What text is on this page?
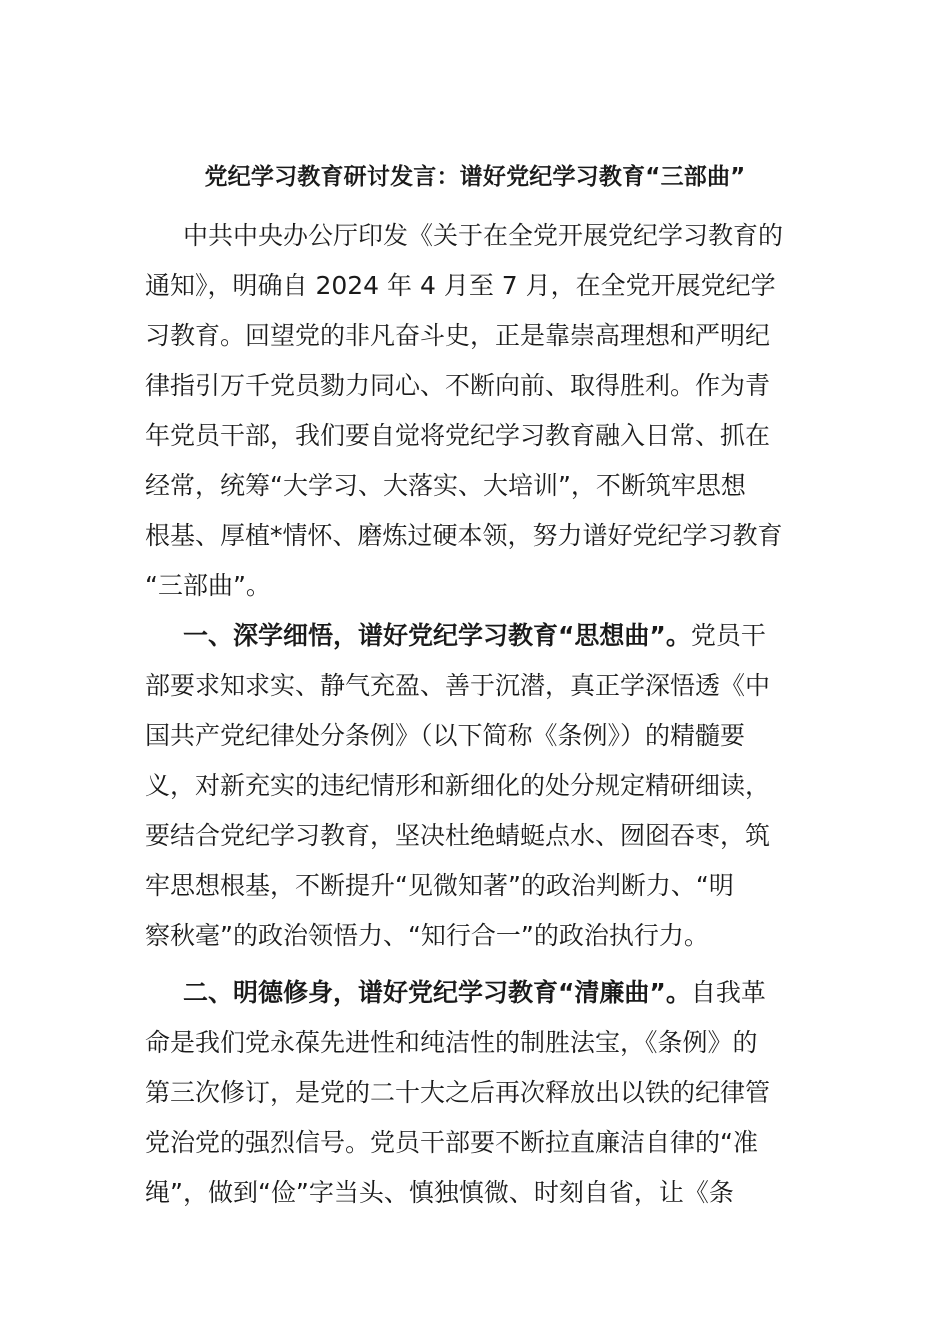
党纪学习教育研讨发言：谱好党纪学习教育“三部曲”
中共中央办公厅印发《关于在全党开展党纪学习教育的
通知》，明确自 2024 年 4 月至 7 月，在全党开展党纪学
习教育。回望党的非凡奋斗史，正是靠崇高理想和严明纪
律指引万千党员勠力同心、不断向前、取得胜利。作为青
年党员干部，我们要自觉将党纪学习教育融入日常、抓在
经常，统筹“大学习、大落实、大培训”，不断筑牢思想
根基、厚植*情怀、磨炼过硬本领，努力谱好党纪学习教育
“三部曲”。
一、深学细悟，谱好党纪学习教育“思想曲”。党员干
部要求知求实、静气充盈、善于沉潜，真正学深悟透《中
国共产党纪律处分条例》（以下简称《条例》）的精髓要
义，对新充实的违纪情形和新细化的处分规定精研细读，
要结合党纪学习教育，坚决杜绝蜻蜓点水、囫囵吞枣，筑
牢思想根基，不断提升“见微知著”的政治判断力、“明
察秋毫”的政治领悟力、“知行合一”的政治执行力。
二、明德修身，谱好党纪学习教育“清廉曲”。自我革
命是我们党永葆先进性和纯洁性的制胜法宝，《条例》的
第三次修订，是党的二十大之后再次释放出以铁的纪律管
党治党的强烈信号。党员干部要不断拉直廉洁自律的“准
绳”，做到“俭”字当头、慎独慎微、时刻自省，让《条
